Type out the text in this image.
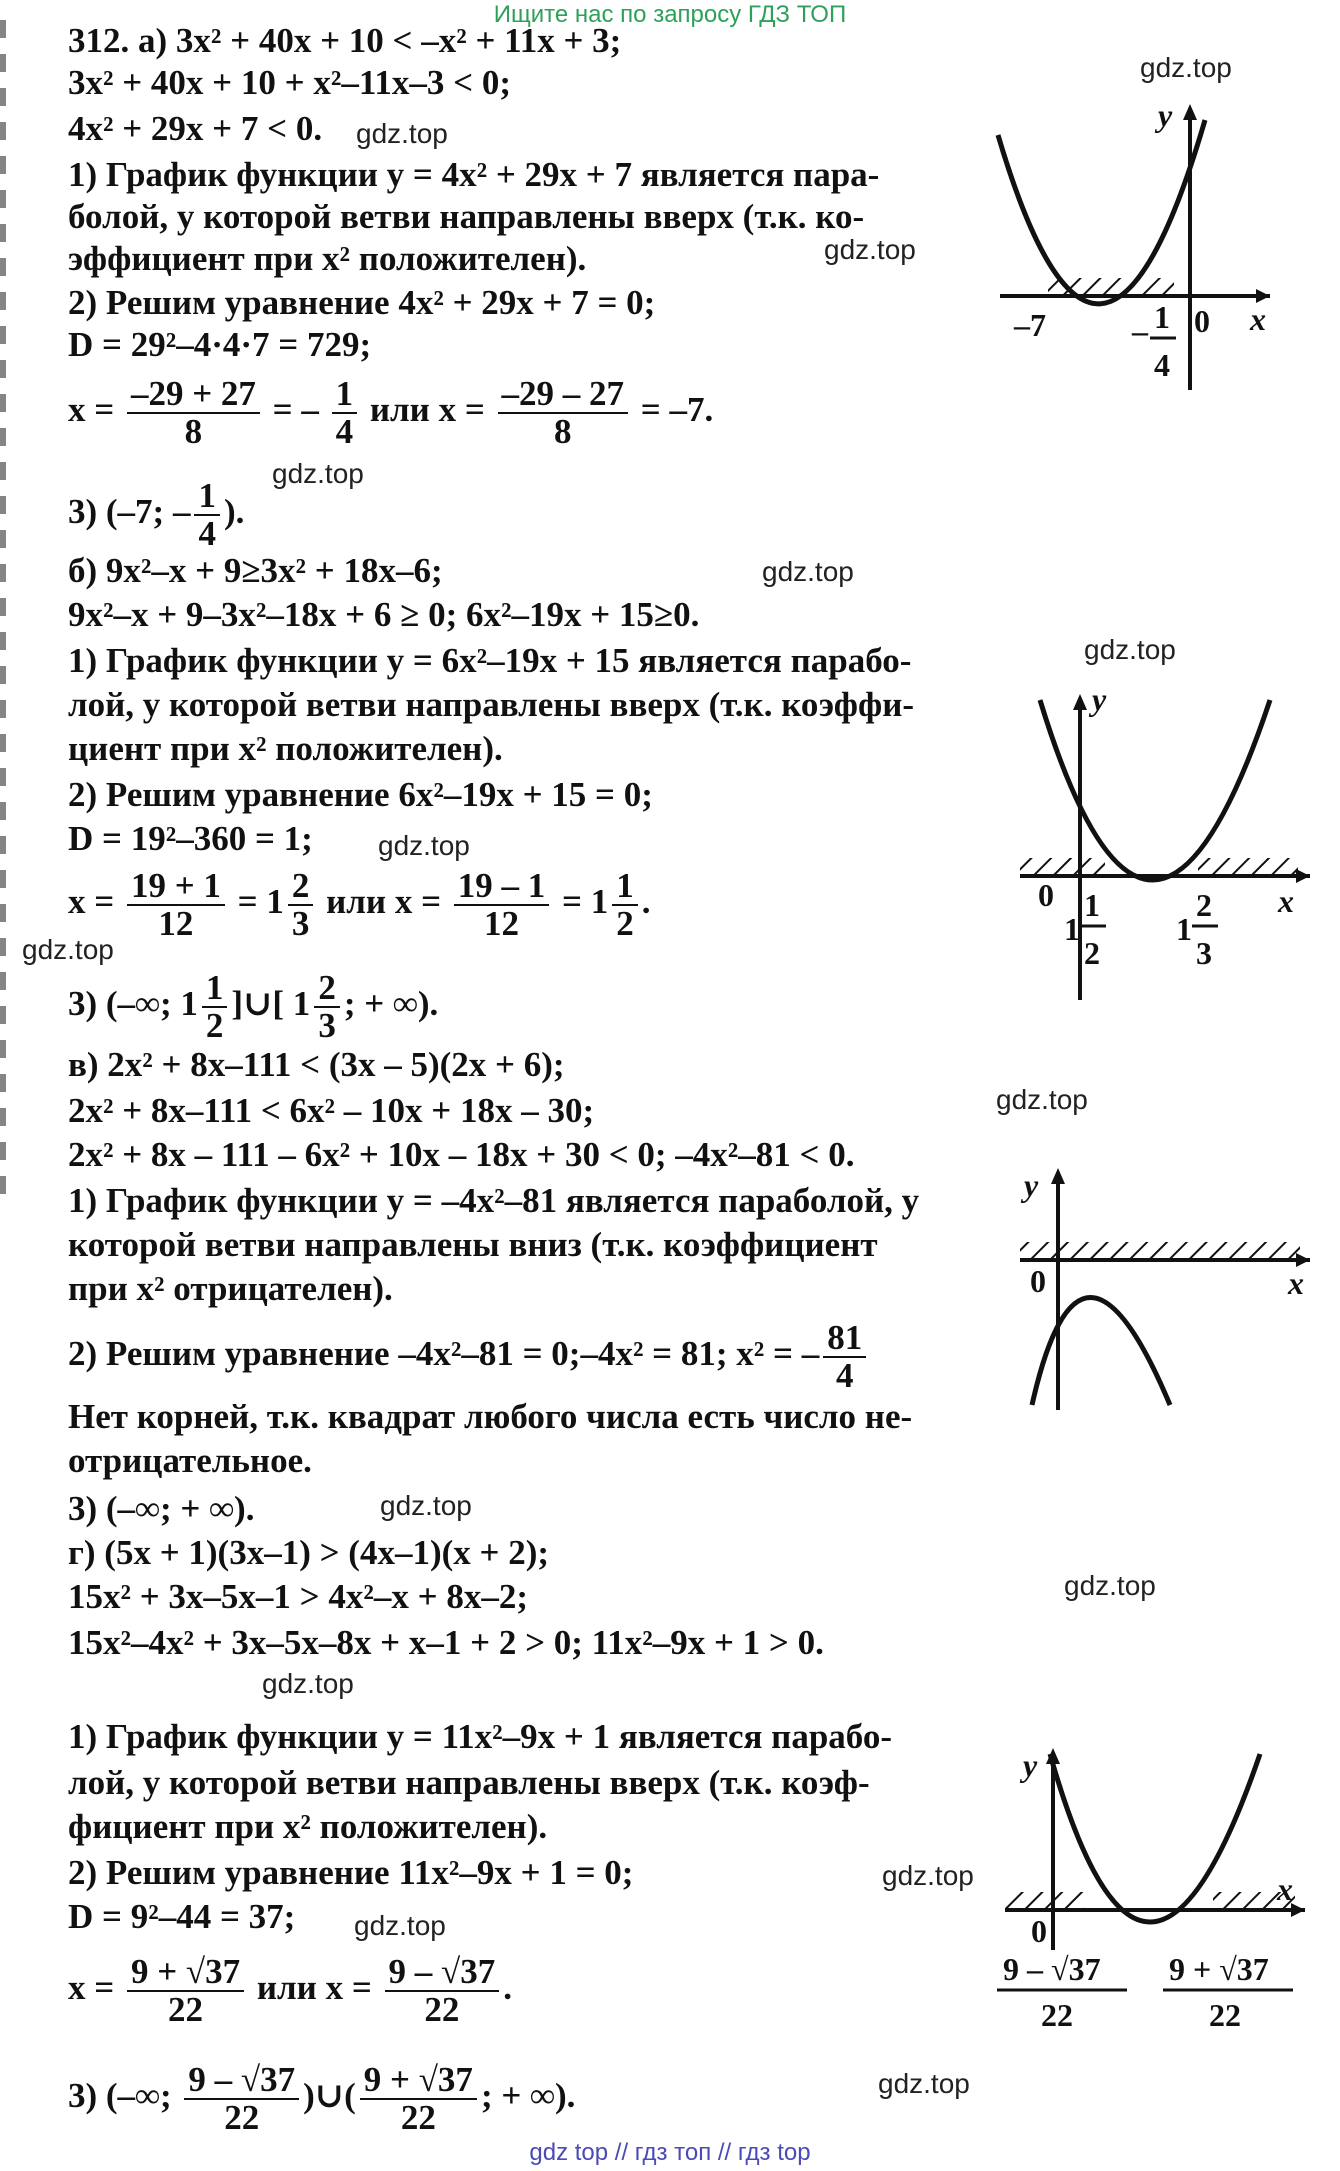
Ищите нас по запросу ГДЗ ТОП
gdz.top
gdz.top
gdz.top
gdz.top
gdz.top
gdz.top
gdz.top
gdz.top
gdz.top
gdz.top
gdz.top
gdz.top
gdz.top
gdz.top
gdz.top
312. а) 3x² + 40x + 10 < –x² + 11x + 3;
3x² + 40x + 10 + x²–11x–3 < 0;
4x² + 29x + 7 < 0.
1) График функции y = 4x² + 29x + 7 является пара-
болой, у которой ветви направлены вверх (т.к. ко-
эффициент при x² положителен).
2) Решим уравнение 4x² + 29x + 7 = 0;
D = 29²–4·4·7 = 729;
$x = \frac{-29 + 27}{8}$ = – $\frac{1}{4}$ или $x = \frac{-29 - 27}{8} = -7$.
3) (–7; – $\frac{1}{4}$ ).
б) 9x²–x + 9≥3x² + 18x–6;
9x²–x + 9–3x²–18x + 6 ≥ 0; 6x²–19x + 15≥0.
1) График функции y = 6x²–19x + 15 является парабо-
лой, у которой ветви направлены вверх (т.к. коэффи-
циент при x² положителен).
2) Решим уравнение 6x²–19x + 15 = 0;
D = 19²–360 = 1;
$x = \frac{19 + 1}{12} = 1 \frac{2}{3}$ или $x = \frac{19 - 1}{12} = 1 \frac{1}{2}$ .
3) (–∞; $1 \frac{1}{2}$ ]∪[ $1 \frac{2}{3}$ ; + ∞).
в) 2x² + 8x–111 < (3x – 5)(2x + 6);
2x² + 8x–111 < 6x² – 10x + 18x – 30;
2x² + 8x – 111 – 6x² + 10x – 18x + 30 < 0; –4x²–81 < 0.
1) График функции y = –4x²–81 является параболой, у
которой ветви направлены вниз (т.к. коэффициент
при x² отрицателен).
2) Решим уравнение –4x²–81 = 0;–4x² = 81; x² = – $\frac{81}{4}$
Нет корней, т.к. квадрат любого числа есть число не-
отрицательное.
3) (–∞; + ∞).
г) (5x + 1)(3x–1) > (4x–1)(x + 2);
15x² + 3x–5x–1 > 4x²–x + 8x–2;
15x²–4x² + 3x–5x–8x + x–1 + 2 > 0; 11x²–9x + 1 > 0.
1) График функции y = 11x²–9x + 1 является парабо-
лой, у которой ветви направлены вверх (т.к. коэф-
фициент при x² положителен).
2) Решим уравнение 11x²–9x + 1 = 0;
D = 9²–44 = 37;
$x = \frac{9 + √37}{22}$ или $x = \frac{9 - √37}{22}$ .
3) (–∞; $\frac{9 - √37}{22}$ )∪( $\frac{9 + √37}{22}$ ; + ∞).
y
x
–7	0
– 1
4
y
x
0
1
1
2
1
2
3
y
x
0
y
x
0
9 – √37
22
9 + √37
22
gdz top // гдз топ // гдз top
